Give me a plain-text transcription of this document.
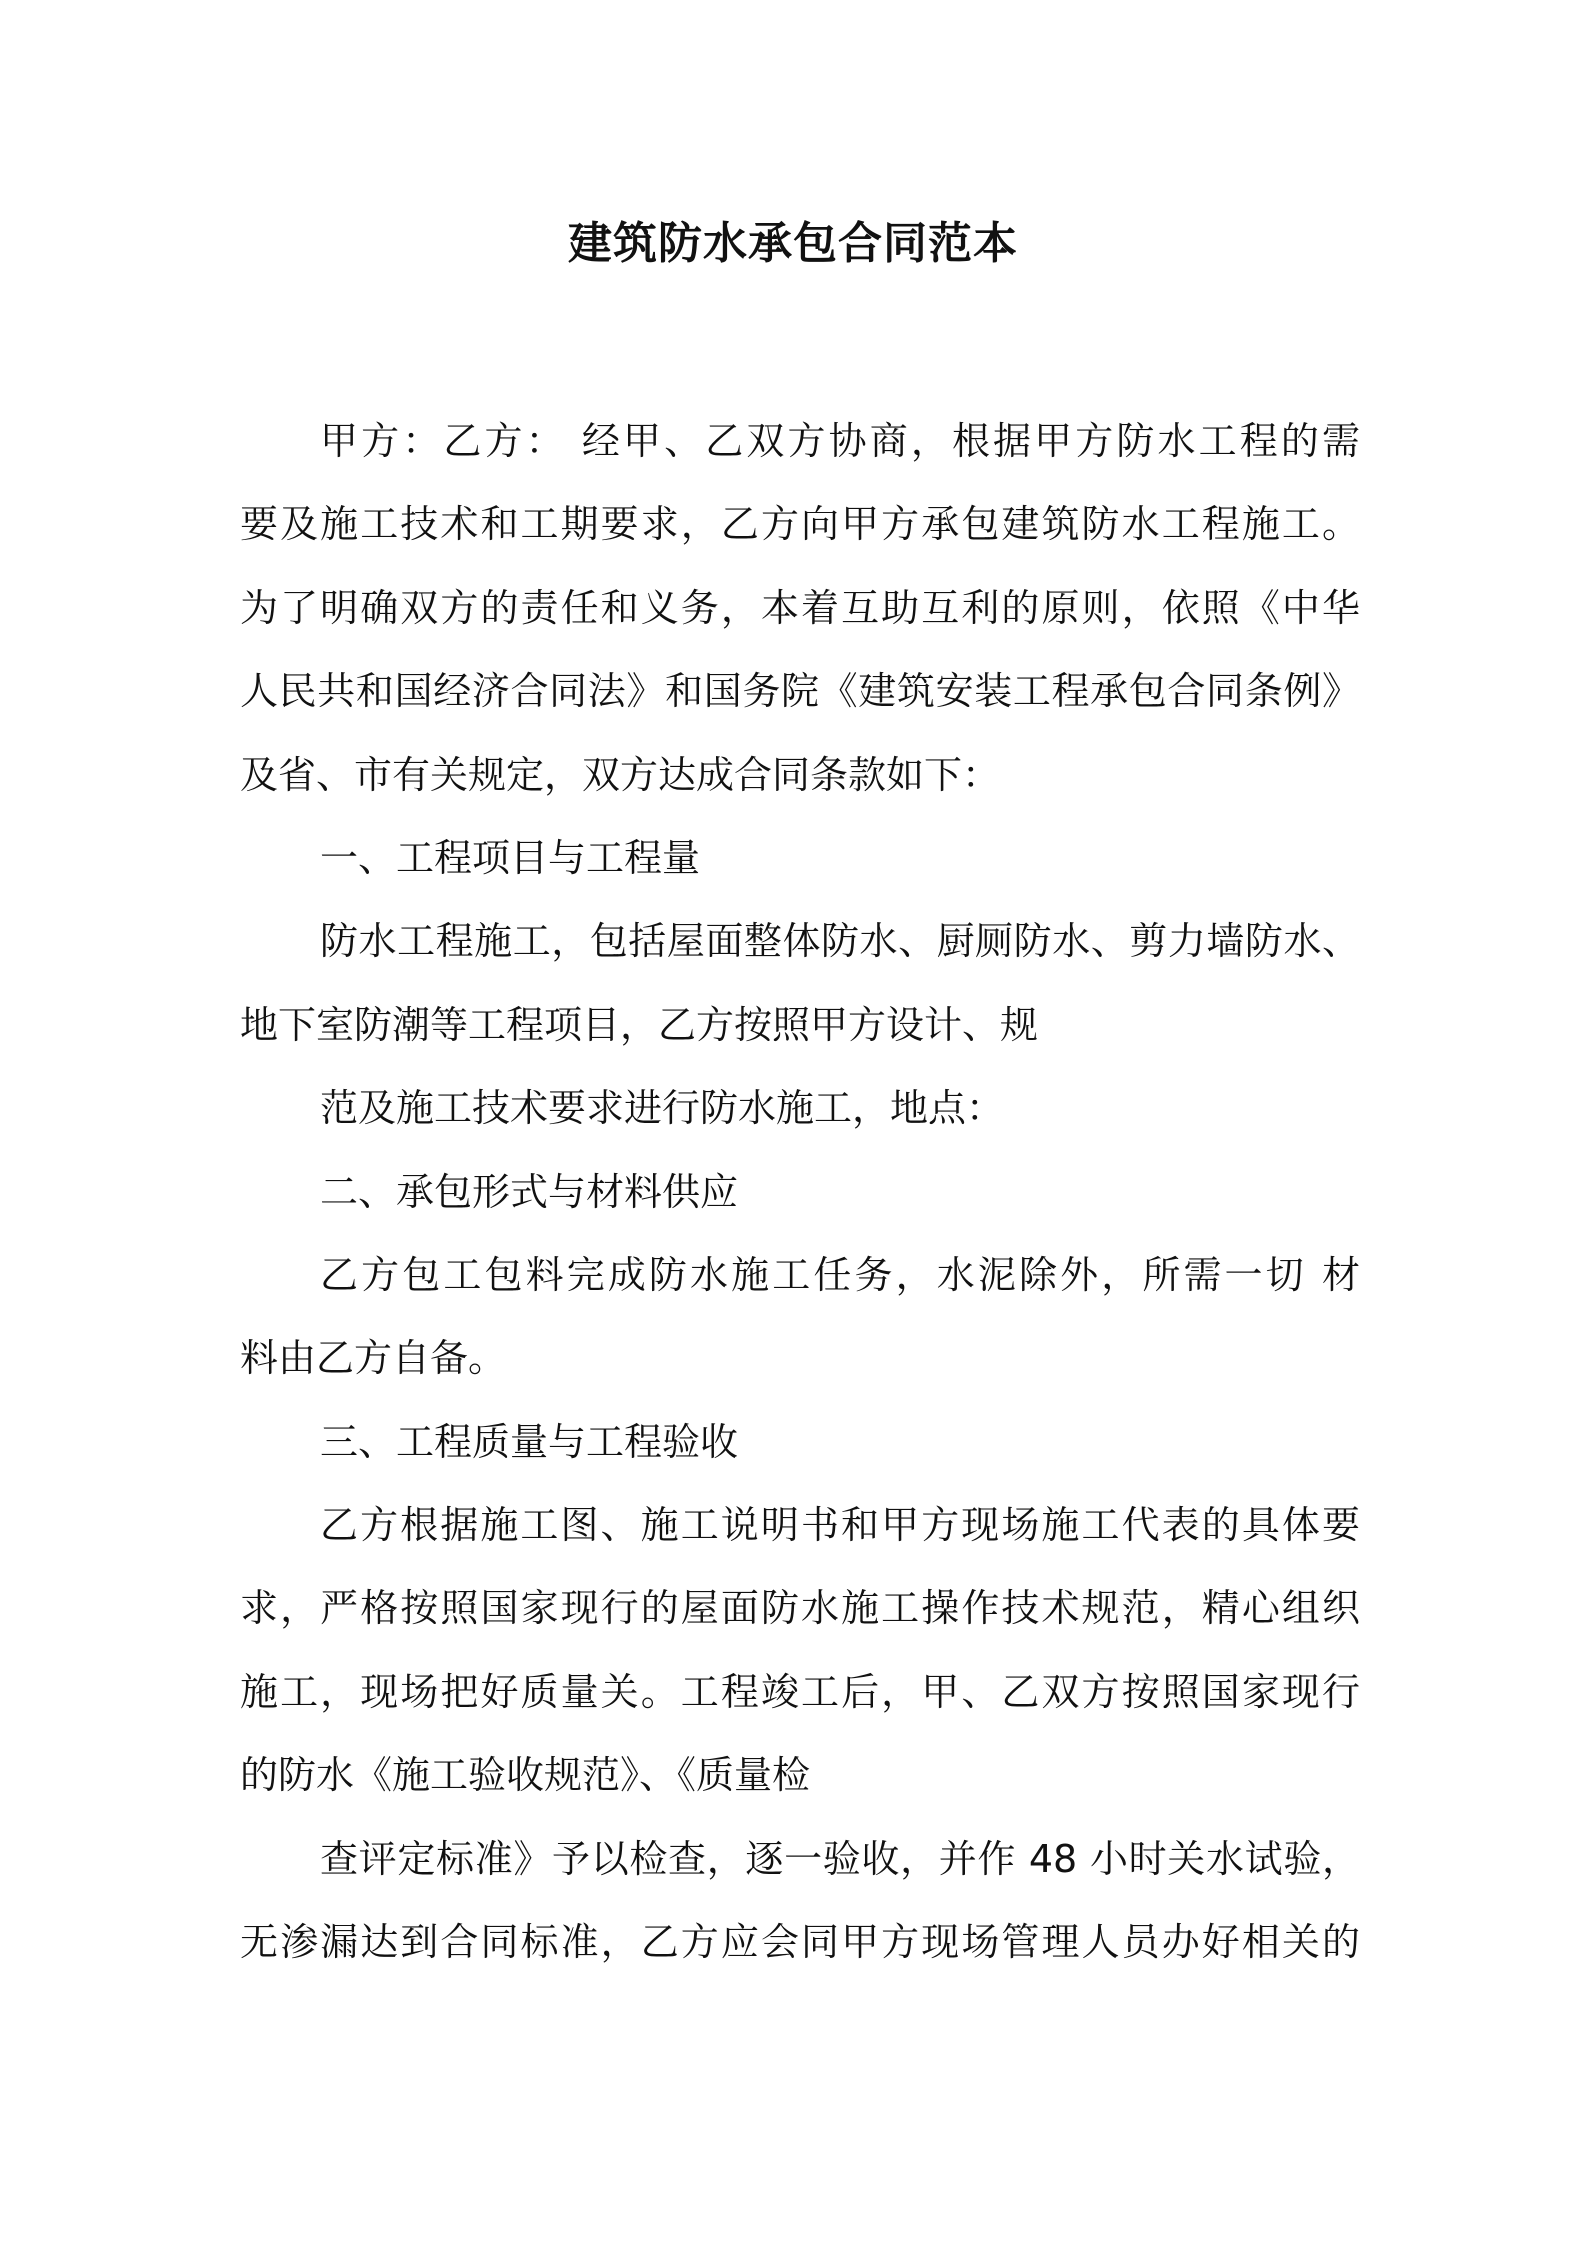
建筑防水承包合同范本
甲方：乙方： 经甲、乙双方协商，根据甲方防水工程的需
要及施工技术和工期要求，乙方向甲方承包建筑防水工程施工。
为了明确双方的责任和义务，本着互助互利的原则，依照《中华
人民共和国经济合同法》和国务院《建筑安装工程承包合同条例》
及省、市有关规定，双方达成合同条款如下：
一、工程项目与工程量
防水工程施工，包括屋面整体防水、厨厕防水、剪力墙防水、
地下室防潮等工程项目，乙方按照甲方设计、规
范及施工技术要求进行防水施工，地点：
二、承包形式与材料供应
乙方包工包料完成防水施工任务，水泥除外，所需一切 材
料由乙方自备。
三、工程质量与工程验收
乙方根据施工图、施工说明书和甲方现场施工代表的具体要
求，严格按照国家现行的屋面防水施工操作技术规范，精心组织
施工，现场把好质量关。工程竣工后，甲、乙双方按照国家现行
的防水《施工验收规范》、《质量检
查评定标准》予以检查，逐一验收，并作 48 小时关水试验，
无渗漏达到合同标准，乙方应会同甲方现场管理人员办好相关的
